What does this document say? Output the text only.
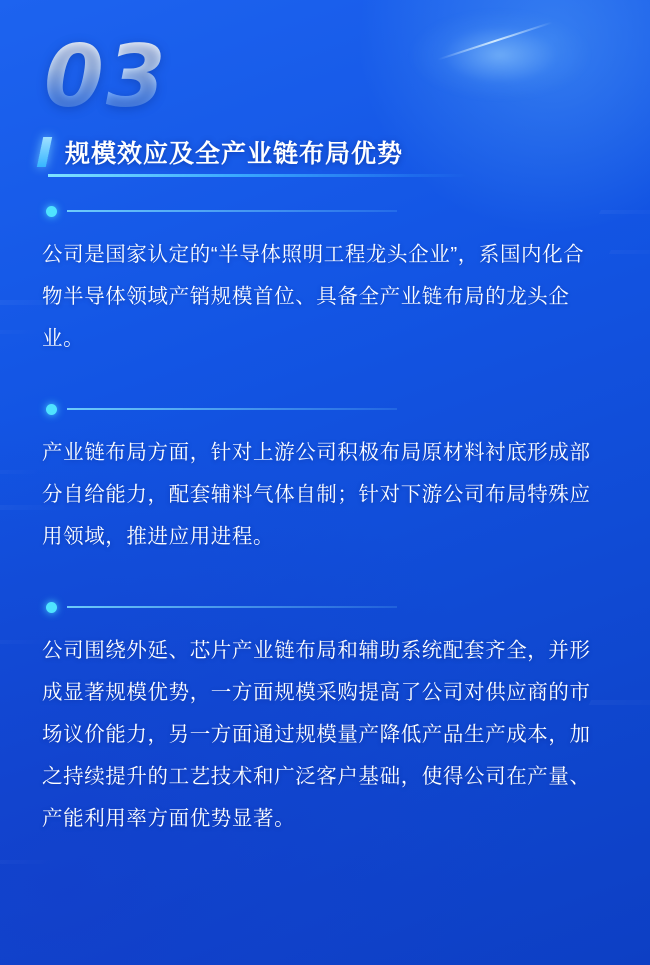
03
规模效应及全产业链布局优势

公司是国家认定的“半导体照明工程龙头企业”，系国内化合物半导体领域产销规模首位、具备全产业链布局的龙头企业。

产业链布局方面，针对上游公司积极布局原材料衬底形成部分自给能力，配套辅料气体自制；针对下游公司布局特殊应用领域，推进应用进程。

公司围绕外延、芯片产业链布局和辅助系统配套齐全，并形成显著规模优势，一方面规模采购提高了公司对供应商的市场议价能力，另一方面通过规模量产降低产品生产成本，加之持续提升的工艺技术和广泛客户基础，使得公司在产量、产能利用率方面优势显著。
